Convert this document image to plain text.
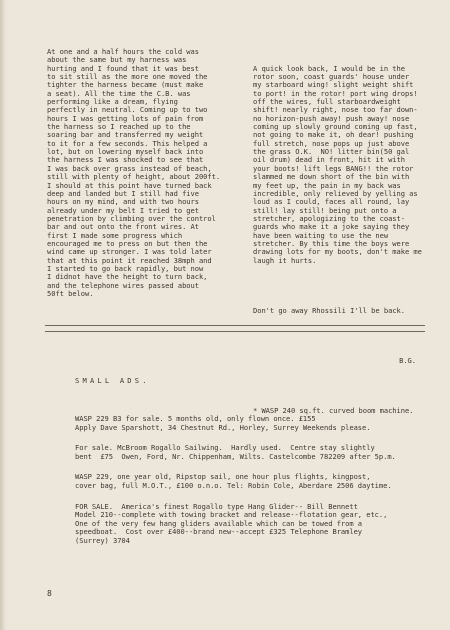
At one and a half hours the cold was
about the same but my harness was
hurting and I found that it was best
to sit still as the more one moved the
tighter the harness became (must make
a seat). All the time the C.B. was
performing like a dream, flying
perfectly in neutral. Coming up to two
hours I was getting lots of pain from
the harness so I reached up to the
soaring bar and transferred my weight
to it for a few seconds. This helped a
lot, but on lowering myself back into
the harness I was shocked to see that
I was back over grass instead of beach,
still with plenty of height, about 200ft.
I should at this point have turned back
deep and landed but I still had five
hours on my mind, and with two hours
already under my belt I tried to get
penetration by climbing over the control
bar and out onto the front wires. At
first I made some progress which
encouraged me to press on but then the
wind came up stronger. I was told later
that at this point it reached 38mph and
I started to go back rapidly, but now
I didnot have the height to turn back,
and the telephone wires passed about
50ft below.

A quick look back, I would be in the
rotor soon, coast guards' house under
my starboard wing! slight weight shift
to port! in the rotor! port wing drops!
off the wires, full starboardweight
shift! nearly right, nose too far down-
no horizon-push away! push away! nose
coming up slowly ground coming up fast,
not going to make it, oh dear! pushing
full stretch, nose pops up just above
the grass O.K.  NO! litter bin(50 gal
oil drum) dead in front, hit it with
your boots! lift legs BANG!! the rotor
slammed me down short of the bin with
my feet up, the pain in my back was
incredible, only relieved by yelling as
loud as I could, faces all round, lay
still! lay still! being put onto a
stretcher, apologizing to the coast-
guards who make it a joke saying they
have been waiting to use the new
stretcher. By this time the boys were
drawing lots for my boots, don't make me
laugh it hurts.

Don't go away Rhossili I'll be back.

B.G.

* WASP 240 sq.ft. curved boom machine.

SMALL ADS.

WASP 229 B3 for sale. 5 months old, only flown once. £155
Apply Dave Sparshott, 34 Chestnut Rd., Horley, Surrey Weekends please.
For sale. McBroom Rogallo Sailwing.  Hardly used.  Centre stay slightly
bent  £75  Owen, Ford, Nr. Chippenham, Wilts. Castelcombe 782209 after 5p.m.
WASP 229, one year old, Ripstop sail, one hour plus flights, kingpost,
cover bag, full M.O.T., £100 o.n.o. Tel: Robin Cole, Aberdare 2506 daytime.
FOR SALE.  America's finest Rogallo type Hang Glider-- Bill Bennett
Model 210--complete with towing bracket and release--flotation gear, etc.,
One of the very few hang gliders available which can be towed from a
speedboat.  Cost over £400--brand new--accept £325 Telephone Bramley
(Surrey) 3704

8
